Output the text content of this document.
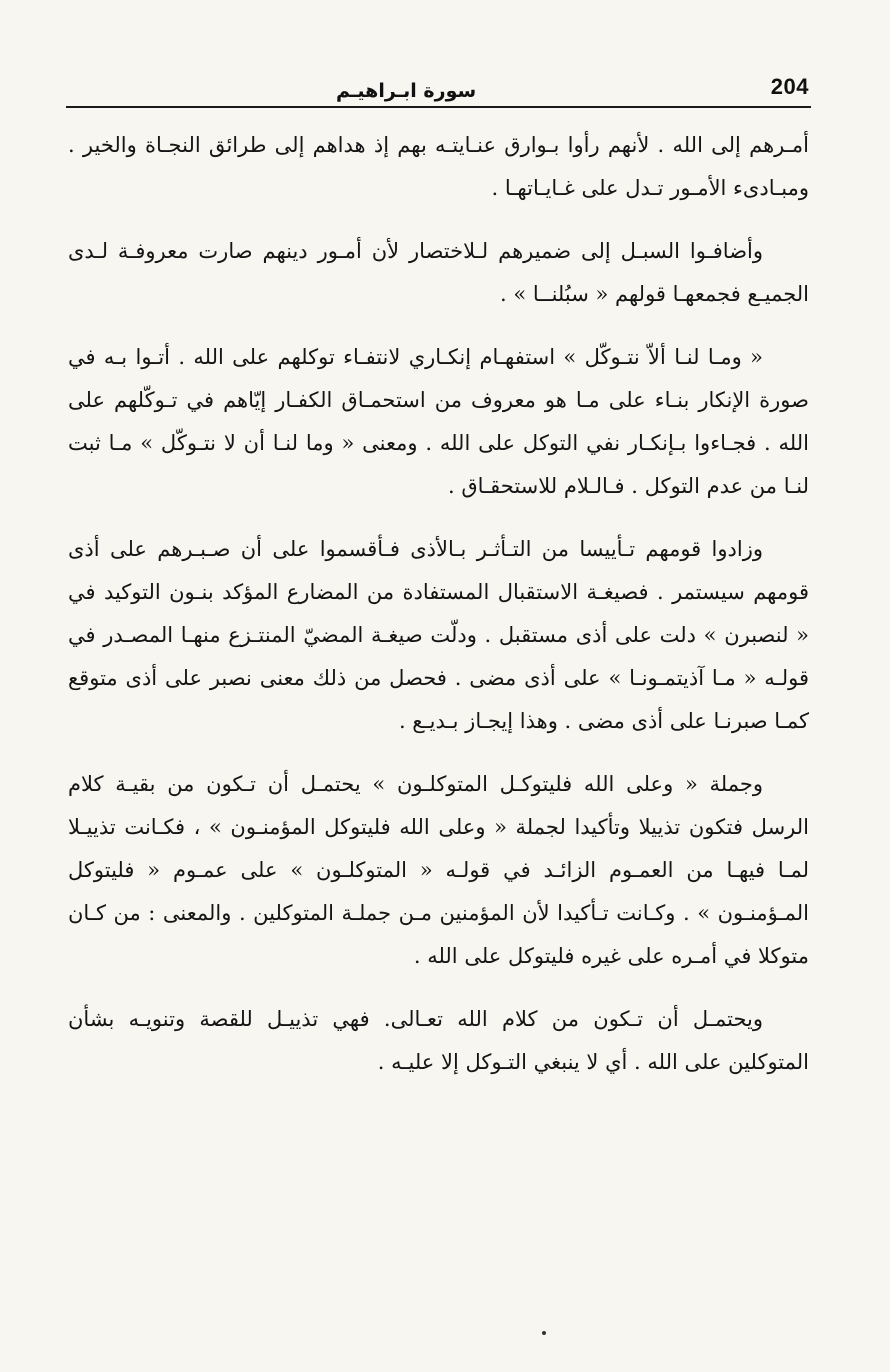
سورة ابـراهيـم	204

أمـرهم إلى الله . لأنهم رأوا بـوارق عنـايتـه بهم إذ هداهم إلى طرائق النجـاة والخير . ومبـادىء الأمـور تـدل على غـايـاتهـا .

وأضافـوا السبـل إلى ضميرهم لـلاختصار لأن أمـور دينهم صارت معروفـة لـدى الجميـع فجمعهـا قولهم « سبُلنــا » .

« ومـا لنـا ألاّ نتـوكّل » استفهـام إنكـاري لانتفـاء توكلهم على الله . أتـوا بـه في صورة الإنكار بنـاء على مـا هو معروف من استحمـاق الكفـار إيّاهم في تـوكّلهم على الله . فجـاءوا بـإنكـار نفي التوكل على الله . ومعنى « وما لنـا أن لا نتـوكّل » مـا ثبت لنـا من عدم التوكل . فـالـلام للاستحقـاق .

وزادوا قومهم تـأييسا من التـأثـر بـالأذى فـأقسموا على أن صـبـرهم على أذى قومهم سيستمر . فصيغـة الاستقبال المستفادة من المضارع المؤكد بنـون التوكيد في « لنصبرن » دلت على أذى مستقبل . ودلّت صيغـة المضيّ المنتـزع منهـا المصـدر في قولـه « مـا آذيتمـونـا » على أذى مضى . فحصل من ذلك معنى نصبر على أذى متوقع كمـا صبرنـا على أذى مضى . وهذا إيجـاز بـديـع .

وجملة « وعلى الله فليتوكـل المتوكلـون » يحتمـل أن تـكون من بقيـة كلام الرسل فتكون تذييلا وتأكيدا لجملة « وعلى الله فليتوكل المؤمنـون » ، فكـانت تذييـلا لمـا فيهـا من العمـوم الزائـد في قولـه « المتوكلـون » على عمـوم « فليتوكل المـؤمنـون » . وكـانت تـأكيدا لأن المؤمنين مـن جملـة المتوكلين . والمعنى : من كـان متوكلا في أمـره على غيره فليتوكل على الله .

ويحتمـل أن تـكون من كلام الله تعـالى. فهي تذييـل للقصة وتنويـه بشأن المتوكلين على الله . أي لا ينبغي التـوكل إلا عليـه .
